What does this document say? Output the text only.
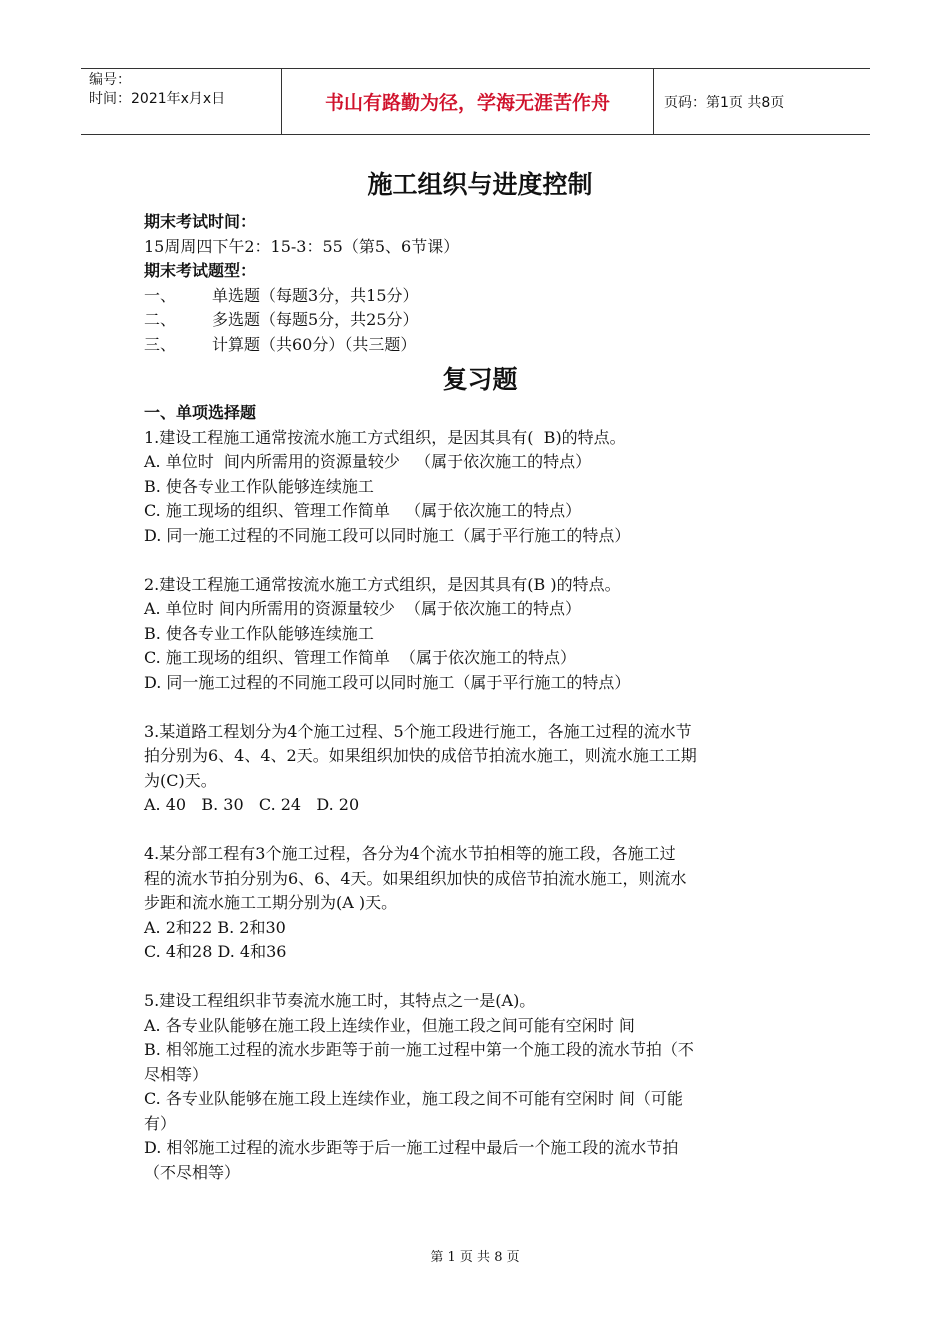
编号：
时间：2021年x月x日	书山有路勤为径，学海无涯苦作舟	页码：第1页 共8页
施工组织与进度控制
期末考试时间：
15周周四下午2：15-3：55（第5、6节课）
期末考试题型：
一、	单选题（每题3分，共15分）
二、	多选题（每题5分，共25分）
三、	计算题（共60分）（共三题）
复习题
一、单项选择题
1.建设工程施工通常按流水施工方式组织，是因其具有(  B)的特点。
A. 单位时  间内所需用的资源量较少   （属于依次施工的特点）
B. 使各专业工作队能够连续施工
C. 施工现场的组织、管理工作简单   （属于依次施工的特点）
D. 同一施工过程的不同施工段可以同时施工（属于平行施工的特点）
2.建设工程施工通常按流水施工方式组织，是因其具有(B )的特点。
A. 单位时 间内所需用的资源量较少  （属于依次施工的特点）
B. 使各专业工作队能够连续施工
C. 施工现场的组织、管理工作简单  （属于依次施工的特点）
D. 同一施工过程的不同施工段可以同时施工（属于平行施工的特点）
3.某道路工程划分为4个施工过程、5个施工段进行施工，各施工过程的流水节
拍分别为6、4、4、2天。如果组织加快的成倍节拍流水施工，则流水施工工期
为(C)天。
A. 40   B. 30   C. 24   D. 20
4.某分部工程有3个施工过程，各分为4个流水节拍相等的施工段，各施工过
程的流水节拍分别为6、6、4天。如果组织加快的成倍节拍流水施工，则流水
步距和流水施工工期分别为(A )天。
A. 2和22 B. 2和30
C. 4和28 D. 4和36
5.建设工程组织非节奏流水施工时，其特点之一是(A)。
A. 各专业队能够在施工段上连续作业，但施工段之间可能有空闲时 间
B. 相邻施工过程的流水步距等于前一施工过程中第一个施工段的流水节拍（不
尽相等）
C. 各专业队能够在施工段上连续作业，施工段之间不可能有空闲时 间（可能
有）
D. 相邻施工过程的流水步距等于后一施工过程中最后一个施工段的流水节拍
（不尽相等）
第 1 页 共 8 页
